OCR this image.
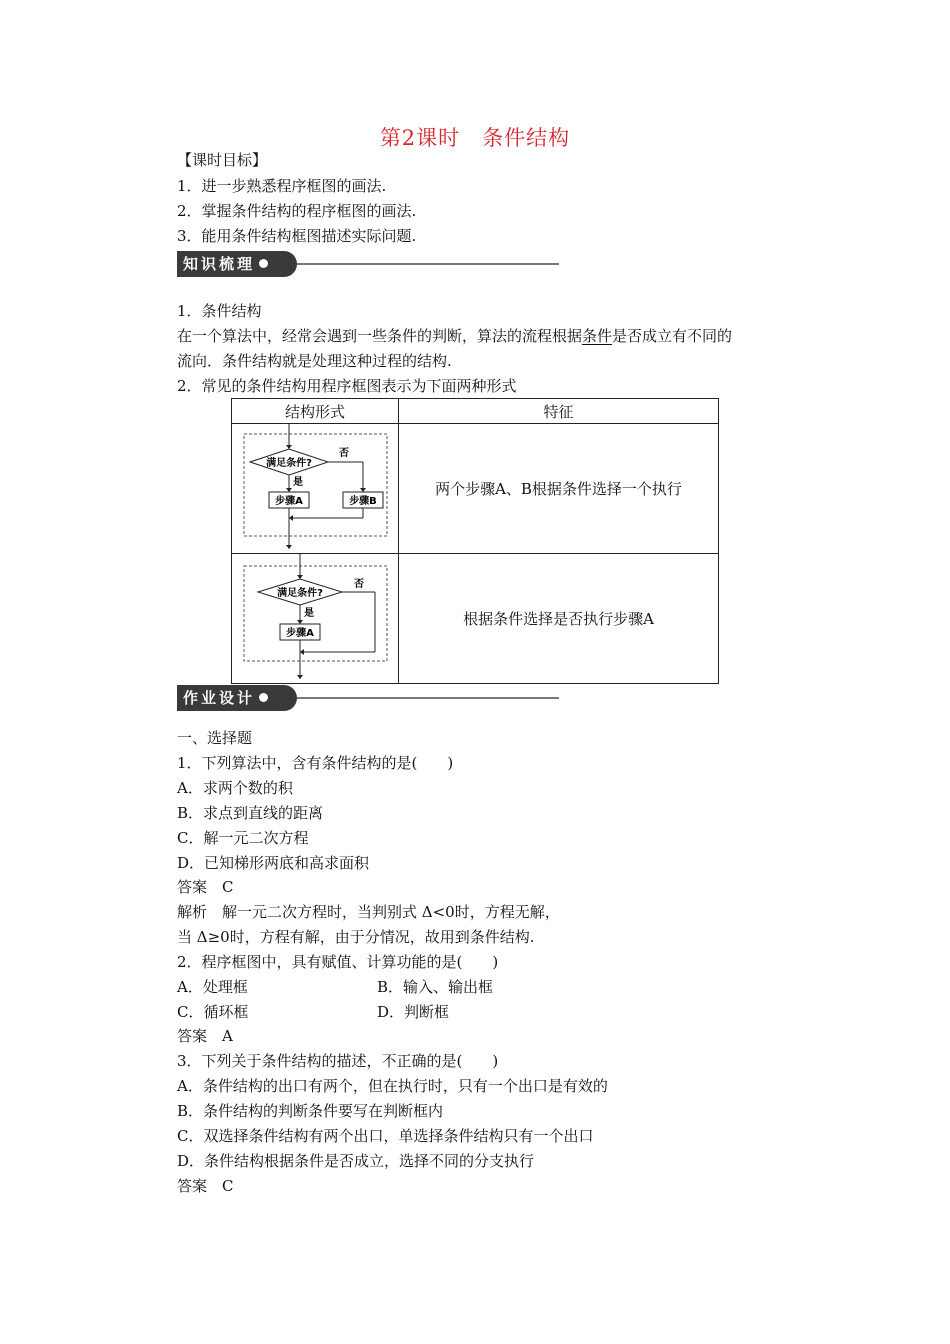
第2课时　条件结构
【课时目标】
1．进一步熟悉程序框图的画法.
2．掌握条件结构的程序框图的画法.
3．能用条件结构框图描述实际问题.
知识梳理
1．条件结构
在一个算法中，经常会遇到一些条件的判断，算法的流程根据条件是否成立有不同的
流向．条件结构就是处理这种过程的结构.
2．常见的条件结构用程序框图表示为下面两种形式
结构形式	特征

满足条件?
否
是
步骤A 步骤B	两个步骤A、B根据条件选择一个执行

满足条件?
否
是
步骤A	根据条件选择是否执行步骤A
作业设计
一、选择题
1．下列算法中，含有条件结构的是(　　)
A．求两个数的积
B．求点到直线的距离
C．解一元二次方程
D．已知梯形两底和高求面积
答案　C
解析　解一元二次方程时，当判别式 Δ<0时，方程无解，
当 Δ≥0时，方程有解，由于分情况，故用到条件结构.
2．程序框图中，具有赋值、计算功能的是(　　)
A．处理框	B．输入、输出框
C．循环框	D．判断框
答案　A
3．下列关于条件结构的描述，不正确的是(　　)
A．条件结构的出口有两个，但在执行时，只有一个出口是有效的
B．条件结构的判断条件要写在判断框内
C．双选择条件结构有两个出口，单选择条件结构只有一个出口
D．条件结构根据条件是否成立，选择不同的分支执行
答案　C
